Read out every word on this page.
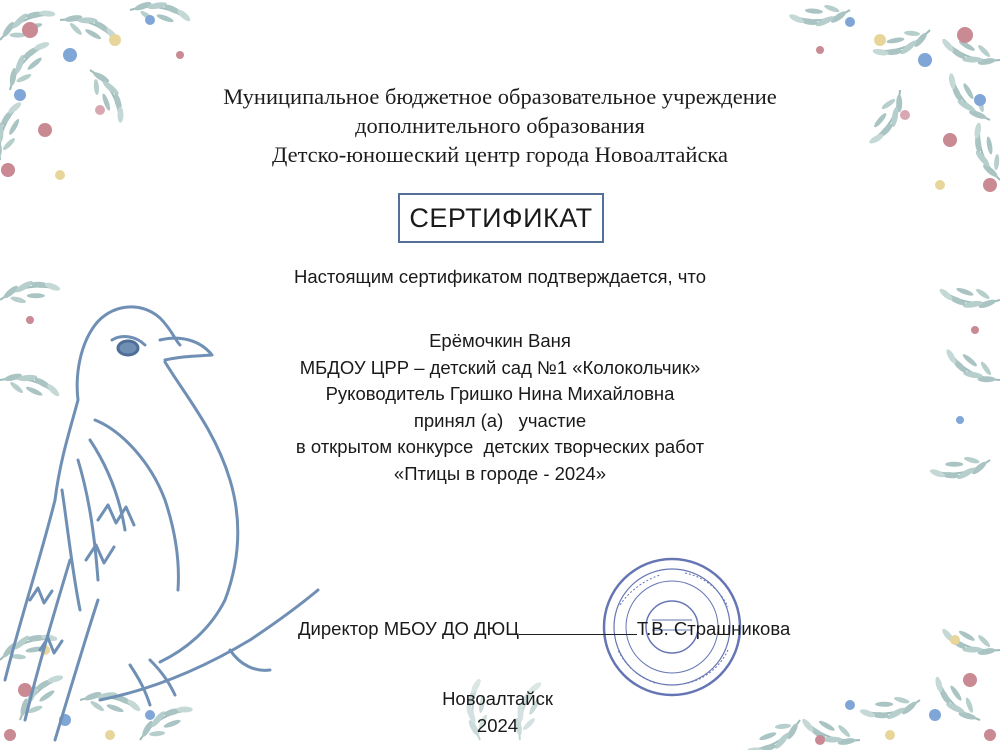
Муниципальное бюджетное образовательное учреждение
дополнительного образования
Детско-юношеский центр города Новоалтайска
СЕРТИФИКАТ
Настоящим сертификатом подтверждается, что
Ерёмочкин Ваня
МБДОУ ЦРР – детский сад №1 «Колокольчик»
Руководитель Гришко Нина Михайловна
принял (а)   участие
в открытом конкурсе  детских творческих работ
«Птицы в городе - 2024»
Директор МБОУ ДО ДЮЦ	Т.В. Страшникова
Новоалтайск
2024
